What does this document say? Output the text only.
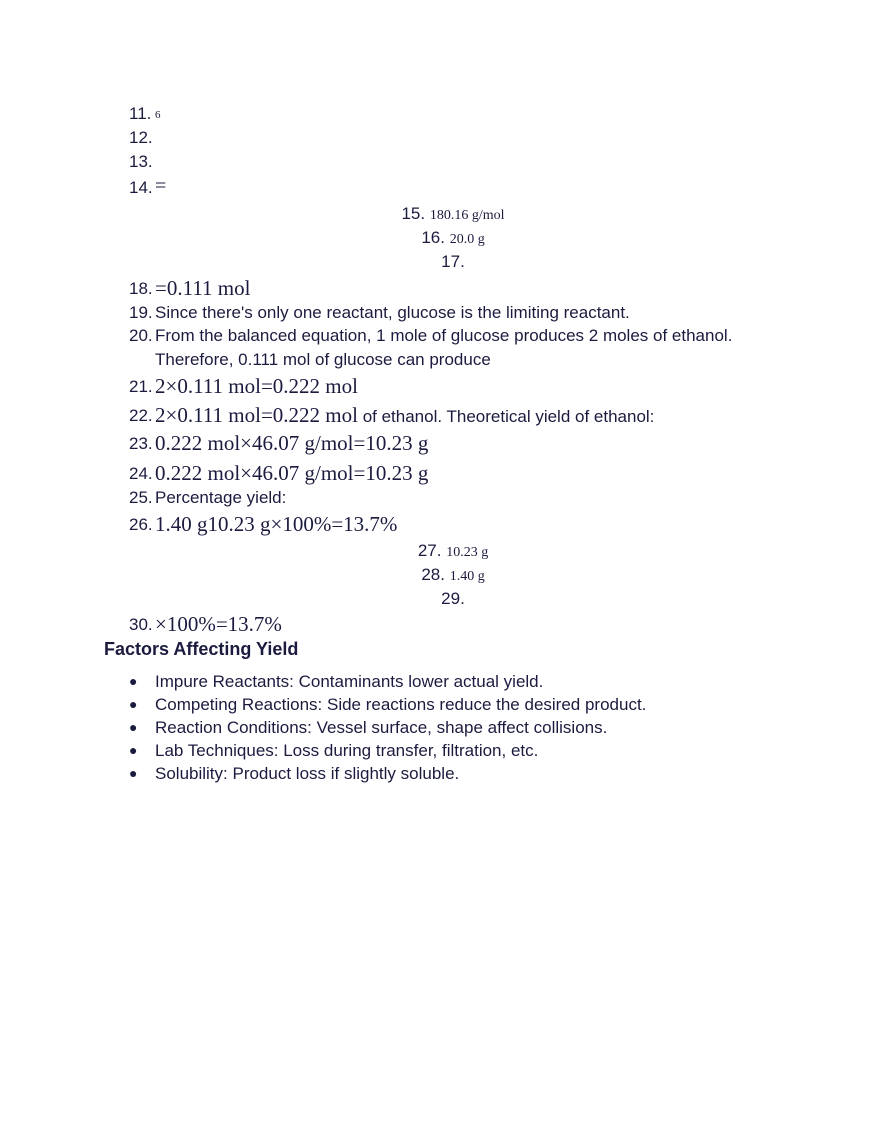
11. 6
12.
13.
14. =
15. 180.16 g/mol
16. 20.0 g
17.
18. =0.111 mol
19. Since there's only one reactant, glucose is the limiting reactant.
20. From the balanced equation, 1 mole of glucose produces 2 moles of ethanol.
Therefore, 0.111 mol of glucose can produce
21. 2×0.111 mol=0.222 mol
22. 2×0.111 mol=0.222 mol of ethanol. Theoretical yield of ethanol:
23. 0.222 mol×46.07 g/mol=10.23 g
24. 0.222 mol×46.07 g/mol=10.23 g
25. Percentage yield:
26. 1.40 g10.23 g×100%=13.7%
27. 10.23 g
28. 1.40 g
29.
30. ×100%=13.7%
Factors Affecting Yield
● Impure Reactants: Contaminants lower actual yield.
● Competing Reactions: Side reactions reduce the desired product.
● Reaction Conditions: Vessel surface, shape affect collisions.
● Lab Techniques: Loss during transfer, filtration, etc.
● Solubility: Product loss if slightly soluble.
